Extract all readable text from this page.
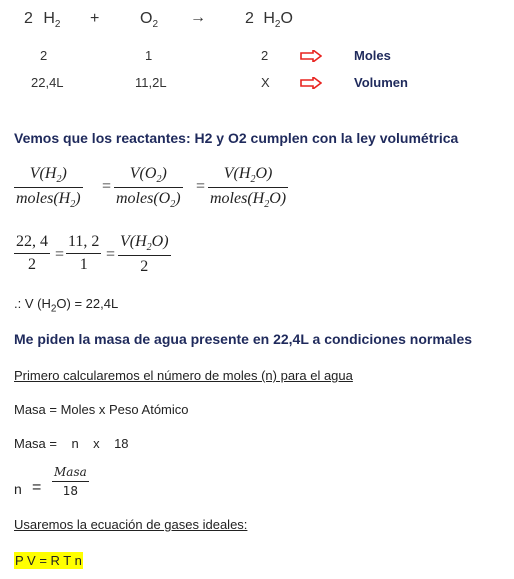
2 $H_2$ +	$O_2 \to 2$ $H_2O$
2	1	2	Moles
22,4L	11,2L	X	Volumen
Vemos que los reactantes: H2 y O2 cumplen con la ley volumétrica
$V(H_2)$
$moles(H_2)$
=
$V(O_2)$
$moles(O_2)$
=
$V(H_2O)$
$moles(H_2O)$
22, 4
2
=
11, 2
1
=
$V(H_2O)$
2
.: V $(H_2O) = 22,4L$
Me piden la masa de agua presente en 22,4L a condiciones normales
Primero calcularemos el número de moles (n) para el agua
Masa = Moles x Peso Atómico
Masa =    n    x    18
n =
Masa
18
Usaremos la ecuación de gases ideales:
P V = R T n
